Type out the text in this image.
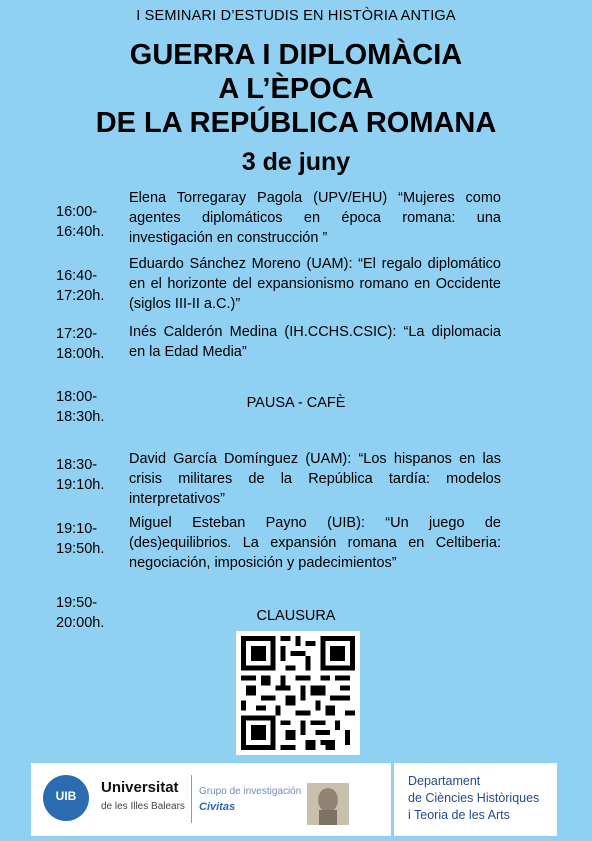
I SEMINARI D’ESTUDIS EN HISTÒRIA ANTIGA
GUERRA I DIPLOMÀCIA
A L’ÈPOCA
DE LA REPÚBLICA ROMANA
3 de juny
16:00-
16:40h.
Elena Torregaray Pagola (UPV/EHU) “Mujeres como agentes diplomáticos en época romana: una investigación en construcción ”
16:40-
17:20h.
Eduardo Sánchez Moreno (UAM): “El regalo diplomático en el horizonte del expansionismo romano en Occidente (siglos III-II a.C.)”
17:20-
18:00h.
Inés Calderón Medina (IH.CCHS.CSIC): “La diplomacia en la Edad Media”
18:00-
18:30h.
PAUSA - CAFÈ
18:30-
19:10h.
David García Domínguez (UAM): “Los hispanos en las crisis militares de la República tardía: modelos interpretativos”
19:10-
19:50h.
Miguel Esteban Payno (UIB): “Un juego de (des)equilibrios. La expansión romana en Celtiberia: negociación, imposición y padecimientos”
19:50-
20:00h.	CLAUSURA
UIB	Universitat
de les Illes Balears
Grupo de investigación
Civitas
Departament
de Ciències Històriques
i Teoria de les Arts
